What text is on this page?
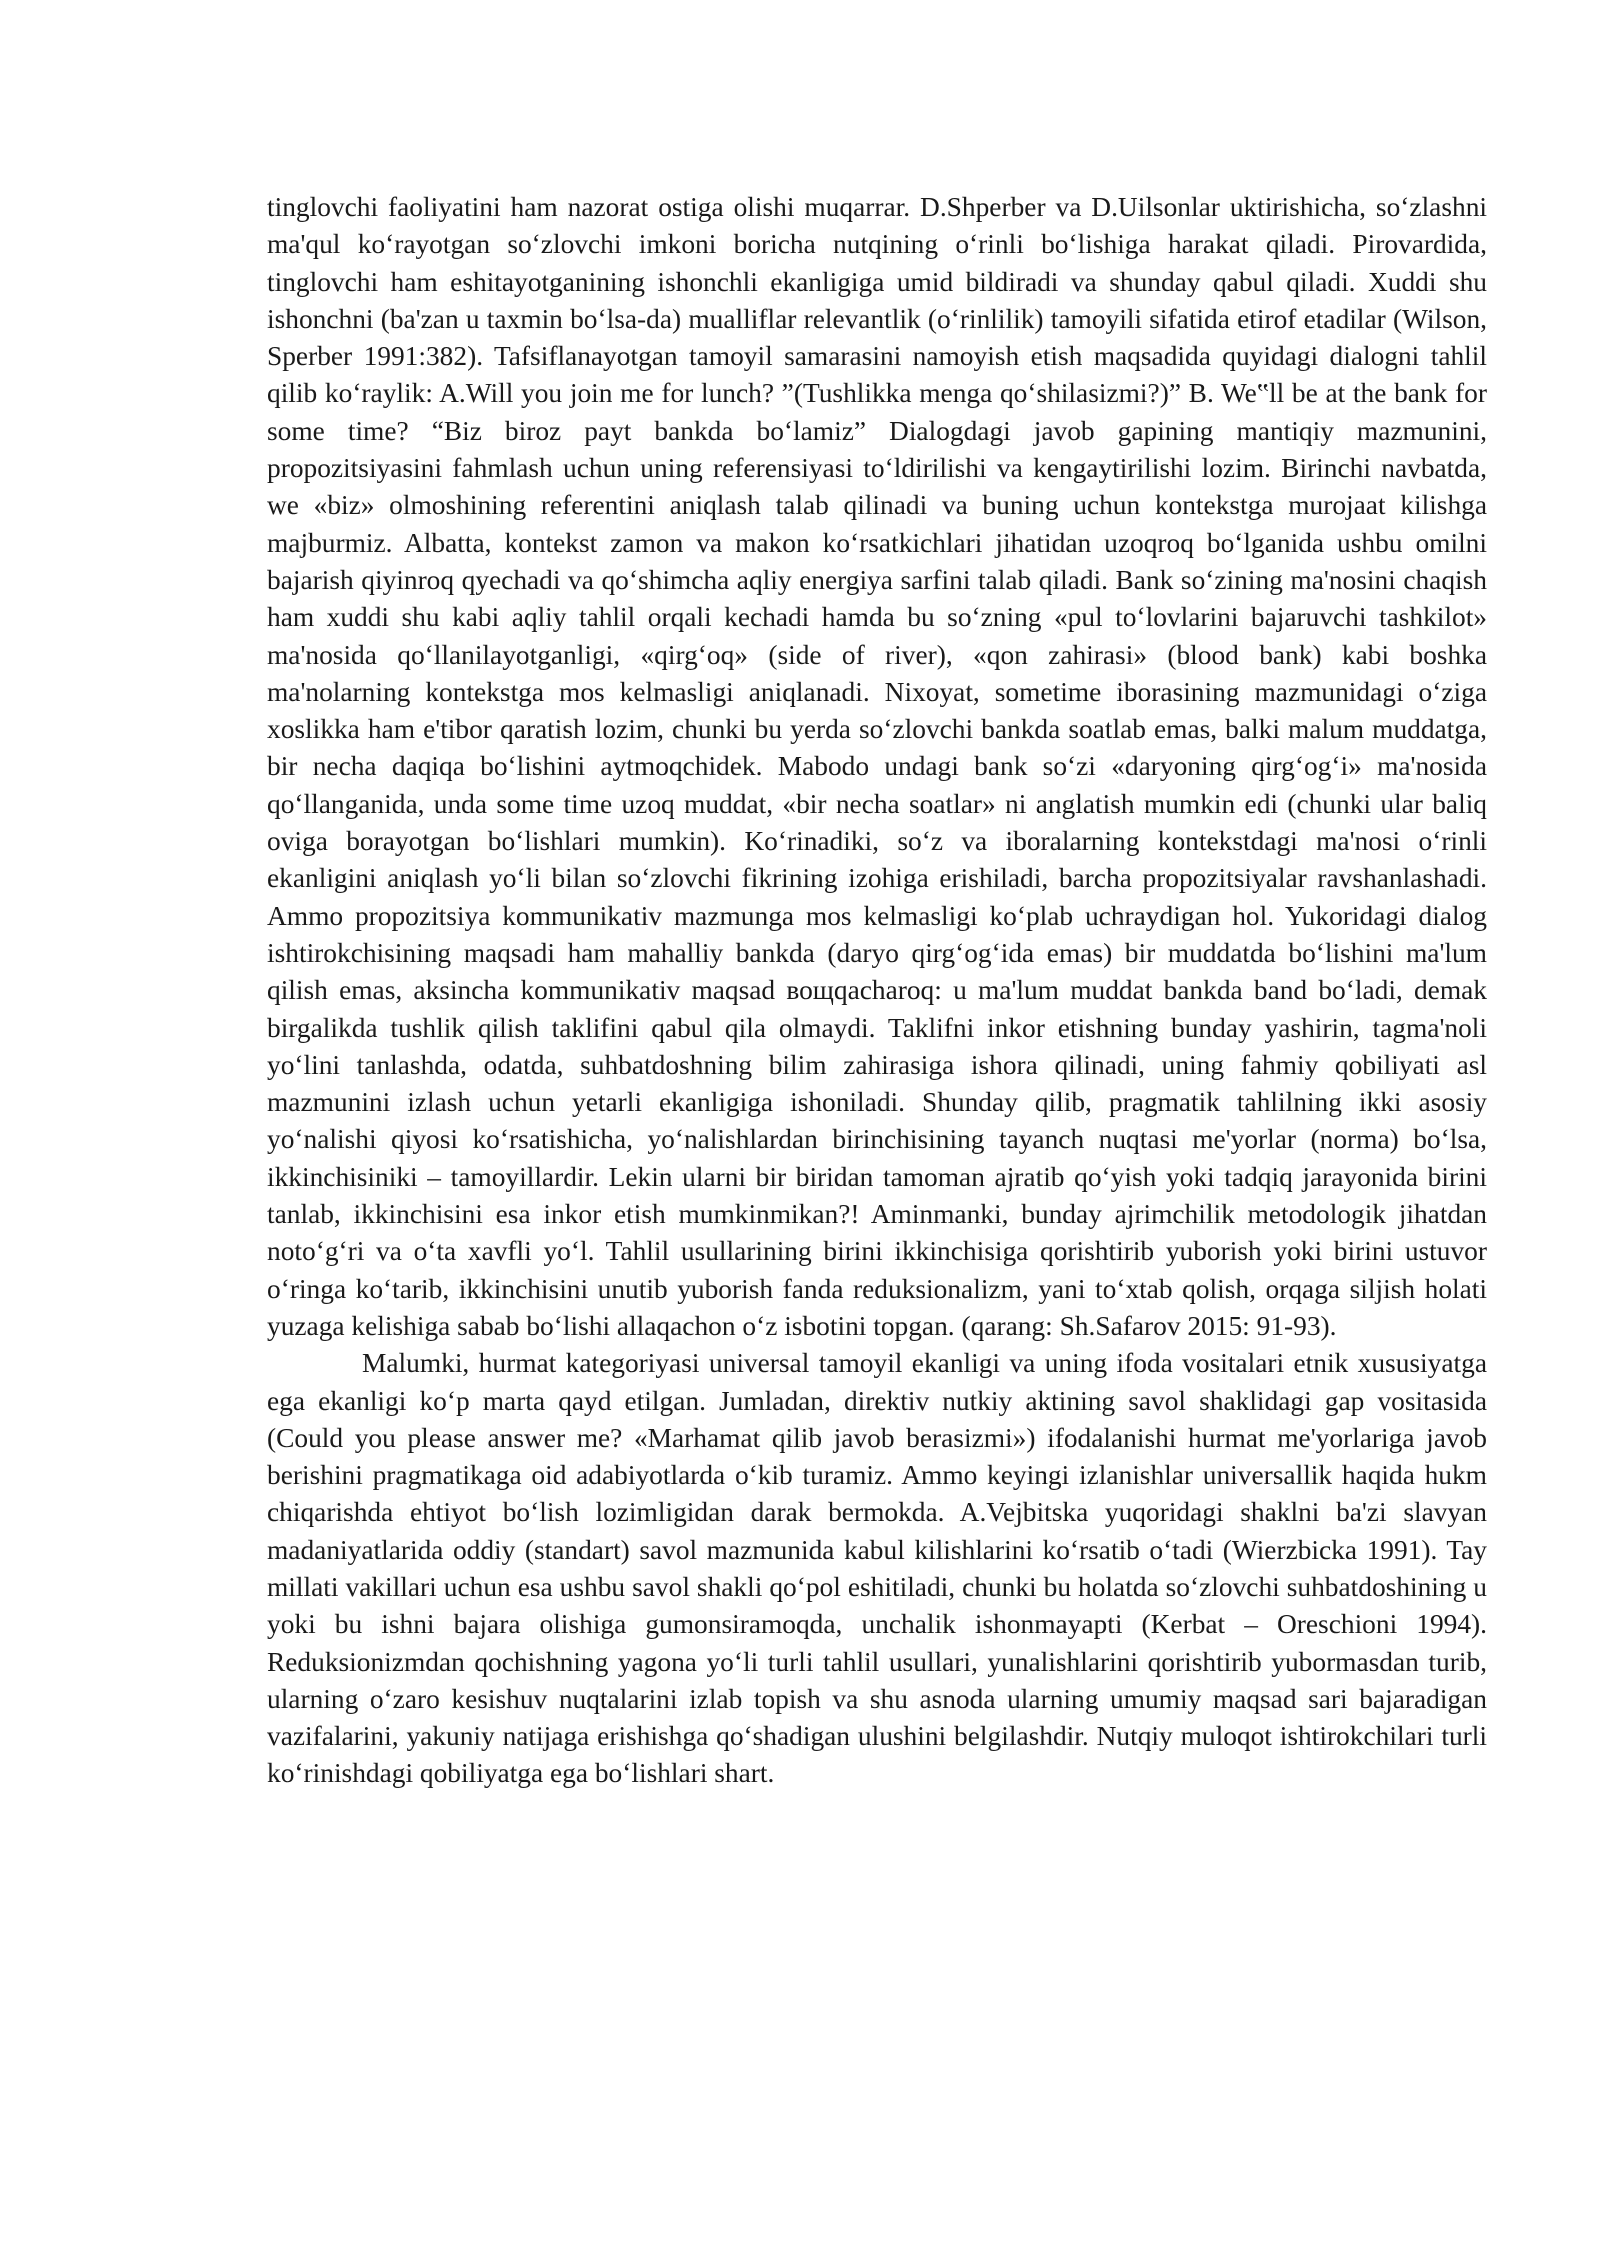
tinglovchi faoliyatini ham nazorat ostiga olishi muqarrar. D.Shperber va D.Uilsonlar uktirishicha, so‘zlashni ma'qul ko‘rayotgan so‘zlovchi imkoni boricha nutqining o‘rinli bo‘lishiga harakat qiladi. Pirovardida, tinglovchi ham eshitayotganining ishonchli ekanligiga umid bildiradi va shunday qabul qiladi. Xuddi shu ishonchni (ba'zan u taxmin bo‘lsa-da) mualliflar relevantlik (o‘rinlilik) tamoyili sifatida etirof etadilar (Wilson, Sperber 1991:382). Tafsiflanayotgan tamoyil samarasini namoyish etish maqsadida quyidagi dialogni tahlil qilib ko‘raylik: A.Will you join me for lunch? ”(Tushlikka menga qo‘shilasizmi?)” B. We‟ll be at the bank for some time? “Biz biroz payt bankda bo‘lamiz” Dialogdagi javob gapining mantiqiy mazmunini, propozitsiyasini fahmlash uchun uning referensiyasi to‘ldirilishi va kengaytirilishi lozim. Birinchi navbatda, we «biz» olmoshining referentini aniqlash talab qilinadi va buning uchun kontekstga murojaat kilishga majburmiz. Albatta, kontekst zamon va makon ko‘rsatkichlari jihatidan uzoqroq bo‘lganida ushbu omilni bajarish qiyinroq qyechadi va qo‘shimcha aqliy energiya sarfini talab qiladi. Bank so‘zining ma'nosini chaqish ham xuddi shu kabi aqliy tahlil orqali kechadi hamda bu so‘zning «pul to‘lovlarini bajaruvchi tashkilot» ma'nosida qo‘llanilayotganligi, «qirg‘oq» (side of river), «qon zahirasi» (blood bank) kabi boshka ma'nolarning kontekstga mos kelmasligi aniqlanadi. Nixoyat, sometime iborasining mazmunidagi o‘ziga xoslikka ham e'tibor qaratish lozim, chunki bu yerda so‘zlovchi bankda soatlab emas, balki malum muddatga, bir necha daqiqa bo‘lishini aytmoqchidek. Mabodo undagi bank so‘zi «daryoning qirg‘og‘i» ma'nosida qo‘llanganida, unda some time uzoq muddat, «bir necha soatlar» ni anglatish mumkin edi (chunki ular baliq oviga borayotgan bo‘lishlari mumkin). Ko‘rinadiki, so‘z va iboralarning kontekstdagi ma'nosi o‘rinli ekanligini aniqlash yo‘li bilan so‘zlovchi fikrining izohiga erishiladi, barcha propozitsiyalar ravshanlashadi. Ammo propozitsiya kommunikativ mazmunga mos kelmasligi ko‘plab uchraydigan hol. Yukoridagi dialog ishtirokchisining maqsadi ham mahalliy bankda (daryo qirg‘og‘ida emas) bir muddatda bo‘lishini ma'lum qilish emas, aksincha kommunikativ maqsad вощqacharoq: u ma'lum muddat bankda band bo‘ladi, demak birgalikda tushlik qilish taklifini qabul qila olmaydi. Taklifni inkor etishning bunday yashirin, tagma'noli yo‘lini tanlashda, odatda, suhbatdoshning bilim zahirasiga ishora qilinadi, uning fahmiy qobiliyati asl mazmunini izlash uchun yetarli ekanligiga ishoniladi. Shunday qilib, pragmatik tahlilning ikki asosiy yo‘nalishi qiyosi ko‘rsatishicha, yo‘nalishlardan birinchisining tayanch nuqtasi me'yorlar (norma) bo‘lsa, ikkinchisiniki – tamoyillardir. Lekin ularni bir biridan tamoman ajratib qo‘yish yoki tadqiq jarayonida birini tanlab, ikkinchisini esa inkor etish mumkinmikan?! Aminmanki, bunday ajrimchilik metodologik jihatdan noto‘g‘ri va o‘ta xavfli yo‘l. Tahlil usullarining birini ikkinchisiga qorishtirib yuborish yoki birini ustuvor o‘ringa ko‘tarib, ikkinchisini unutib yuborish fanda reduksionalizm, yani to‘xtab qolish, orqaga siljish holati yuzaga kelishiga sabab bo‘lishi allaqachon o‘z isbotini topgan. (qarang: Sh.Safarov 2015: 91-93).

Malumki, hurmat kategoriyasi universal tamoyil ekanligi va uning ifoda vositalari etnik xususiyatga ega ekanligi ko‘p marta qayd etilgan. Jumladan, direktiv nutkiy aktining savol shaklidagi gap vositasida (Could you please answer me? «Marhamat qilib javob berasizmi») ifodalanishi hurmat me'yorlariga javob berishini pragmatikaga oid adabiyotlarda o‘kib turamiz. Ammo keyingi izlanishlar universallik haqida hukm chiqarishda ehtiyot bo‘lish lozimligidan darak bermokda. A.Vejbitska yuqoridagi shaklni ba'zi slavyan madaniyatlarida oddiy (standart) savol mazmunida kabul kilishlarini ko‘rsatib o‘tadi (Wierzbicka 1991). Tay millati vakillari uchun esa ushbu savol shakli qo‘pol eshitiladi, chunki bu holatda so‘zlovchi suhbatdoshining u yoki bu ishni bajara olishiga gumonsiramoqda, unchalik ishonmayapti (Kerbat – Oreschioni 1994). Reduksionizmdan qochishning yagona yo‘li turli tahlil usullari, yunalishlarini qorishtirib yubormasdan turib, ularning o‘zaro kesishuv nuqtalarini izlab topish va shu asnoda ularning umumiy maqsad sari bajaradigan vazifalarini, yakuniy natijaga erishishga qo‘shadigan ulushini belgilashdir. Nutqiy muloqot ishtirokchilari turli ko‘rinishdagi qobiliyatga ega bo‘lishlari shart.
